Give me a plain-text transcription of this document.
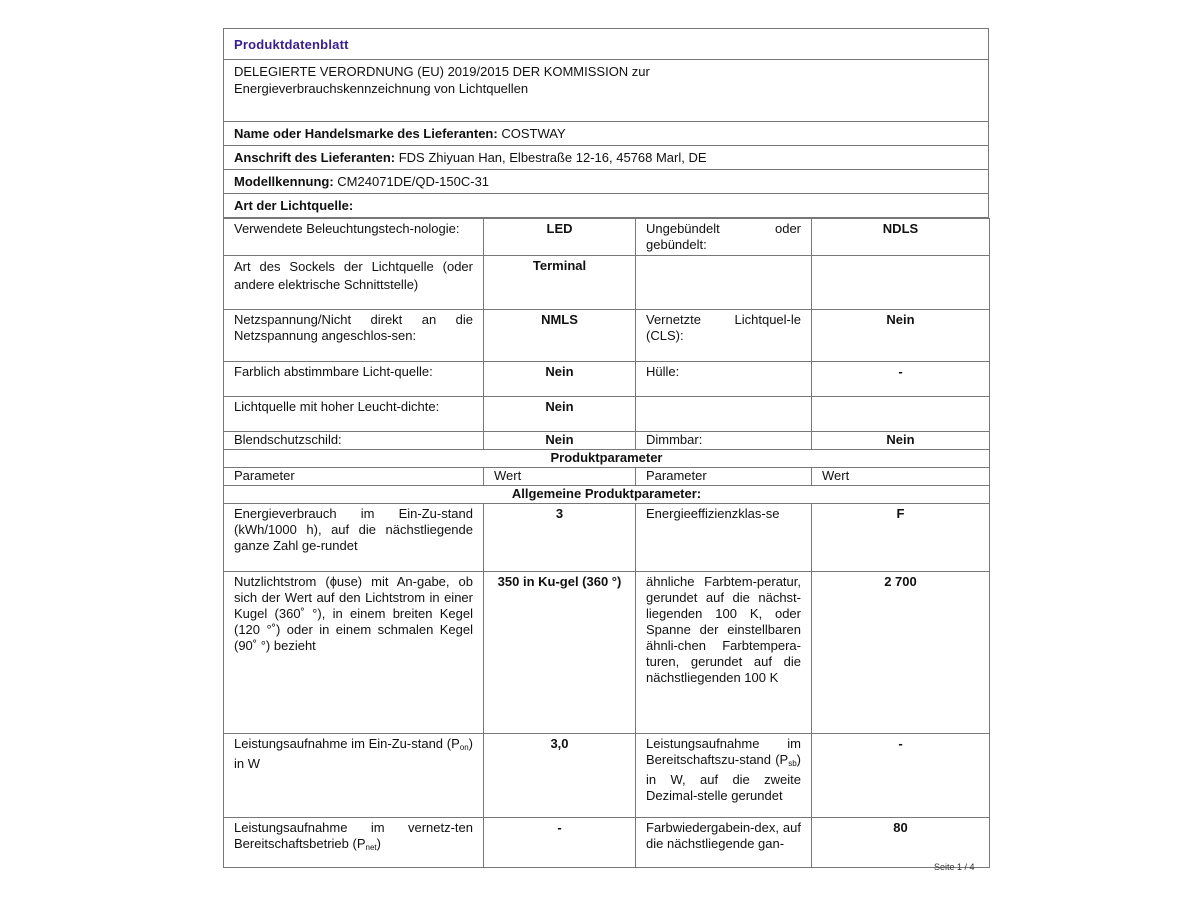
Produktdatenblatt
DELEGIERTE VERORDNUNG (EU) 2019/2015 DER KOMMISSION zur
Energieverbrauchskennzeichnung von Lichtquellen
Name oder Handelsmarke des Lieferanten: COSTWAY
Anschrift des Lieferanten: FDS Zhiyuan Han, Elbestraße 12-16, 45768 Marl, DE
Modellkennung: CM24071DE/QD-150C-31
Art der Lichtquelle:
Verwendete Beleuchtungstech-nologie:	LED	Ungebündelt oder gebündelt:	NDLS
Art des Sockels der Lichtquelle (oder andere elektrische Schnittstelle)	Terminal		
Netzspannung/Nicht direkt an die Netzspannung angeschlos-sen:	NMLS	Vernetzte Lichtquel-le (CLS):	Nein
Farblich abstimmbare Licht-quelle:	Nein	Hülle:	-
Lichtquelle mit hoher Leucht-dichte:	Nein		
Blendschutzschild:	Nein	Dimmbar:	Nein
Produktparameter			
Parameter	Wert	Parameter	Wert
Allgemeine Produktparameter:			
Energieverbrauch im Ein-Zu-stand (kWh/1000 h), auf die nächstliegende ganze Zahl ge-rundet	3	Energieeffizienzklas-se	F
Nutzlichtstrom (ɸuse) mit An-gabe, ob sich der Wert auf den Lichtstrom in einer Kugel (360˚ °), in einem breiten Kegel (120 °˚) oder in einem schmalen Kegel (90˚ °) bezieht	350 in Ku-gel (360 °)	ähnliche Farbtem-peratur, gerundet auf die nächst-liegenden 100 K, oder Spanne der einstellbaren ähnli-chen Farbtempera-turen, gerundet auf die nächstliegenden 100 K	2 700
Leistungsaufnahme im Ein-Zu-stand $(P_{on})$ in W	3,0	Leistungsaufnahme im Bereitschaftszu-stand $(P_{sb})$ in W, auf die zweite Dezimal-stelle gerundet	-
Leistungsaufnahme im vernetz-ten Bereitschaftsbetrieb $(P_{net})$	-	Farbwiedergabein-dex, auf die nächstliegende gan-	80
Seite 1 / 4
